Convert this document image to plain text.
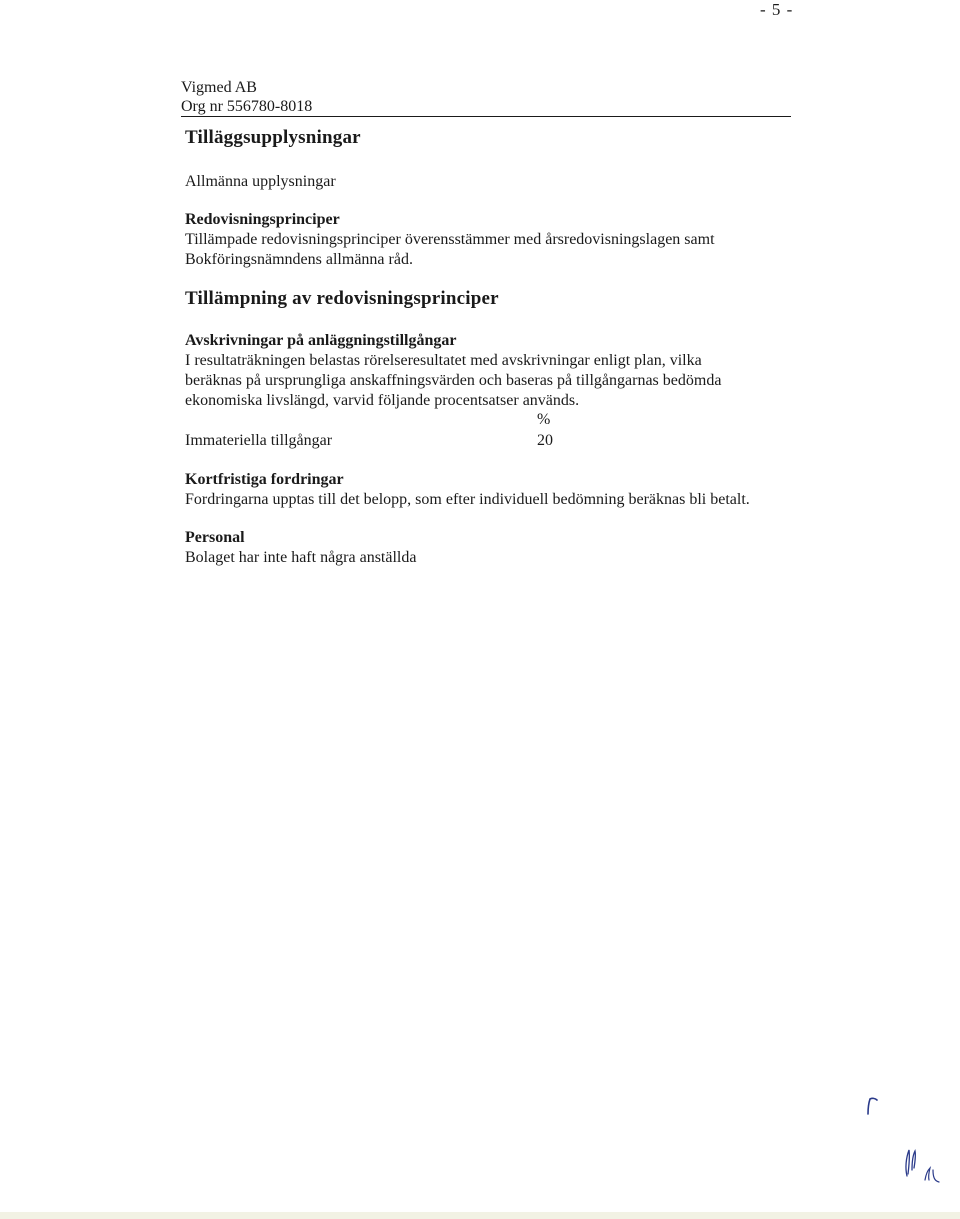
- 5 -
Vigmed AB
Org nr 556780-8018
Tilläggsupplysningar
Allmänna upplysningar
Redovisningsprinciper
Tillämpade redovisningsprinciper överensstämmer med årsredovisningslagen samt
Bokföringsnämndens allmänna råd.
Tillämpning av redovisningsprinciper
Avskrivningar på anläggningstillgångar
I resultaträkningen belastas rörelseresultatet med avskrivningar enligt plan, vilka
beräknas på ursprungliga anskaffningsvärden och baseras på tillgångarnas bedömda
ekonomiska livslängd, varvid följande procentsatser används.
%
Immateriella tillgångar	20
Kortfristiga fordringar
Fordringarna upptas till det belopp, som efter individuell bedömning beräknas bli betalt.
Personal
Bolaget har inte haft några anställda
